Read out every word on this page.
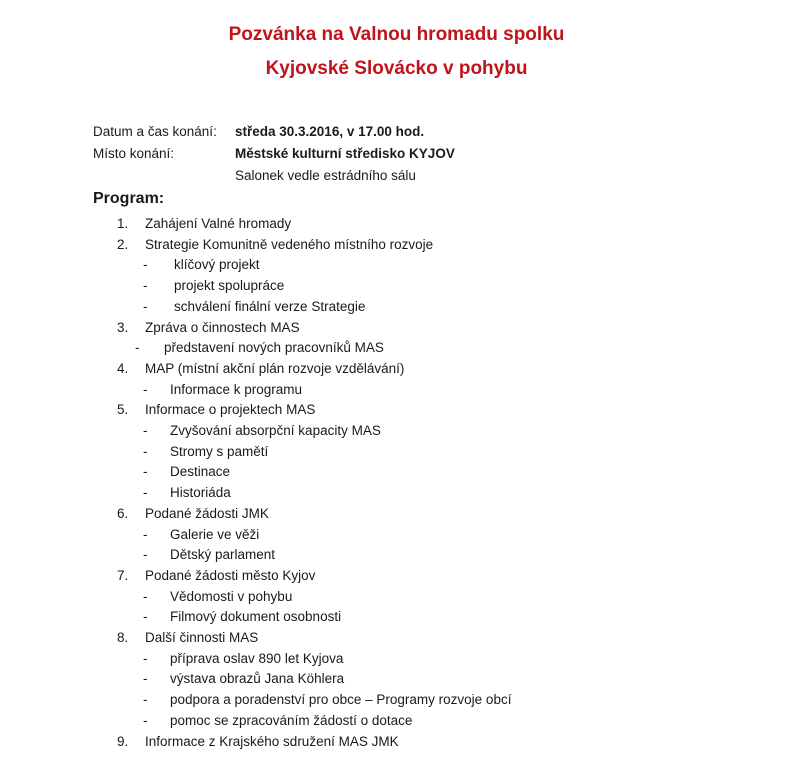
Pozvánka na Valnou hromadu spolku
Kyjovské Slovácko v pohybu
Datum a čas konání: středa 30.3.2016, v 17.00 hod.
Místo konání:	Městské kulturní středisko KYJOV
Salonek vedle estrádního sálu
Program:
1. Zahájení Valné hromady
2. Strategie Komunitně vedeného místního rozvoje
- klíčový projekt
- projekt spolupráce
- schválení finální verze Strategie
3. Zpráva o činnostech MAS
- představení nových pracovníků MAS
4. MAP (místní akční plán rozvoje vzdělávání)
- Informace k programu
5. Informace o projektech MAS
- Zvyšování absorpční kapacity MAS
- Stromy s pamětí
- Destinace
- Historiáda
6. Podané žádosti JMK
- Galerie ve věži
- Dětský parlament
7. Podané žádosti město Kyjov
- Vědomosti v pohybu
- Filmový dokument osobnosti
8. Další činnosti MAS
- příprava oslav 890 let Kyjova
- výstava obrazů Jana Köhlera
- podpora a poradenství pro obce – Programy rozvoje obcí
- pomoc se zpracováním žádostí o dotace
9. Informace z Krajského sdružení MAS JMK
